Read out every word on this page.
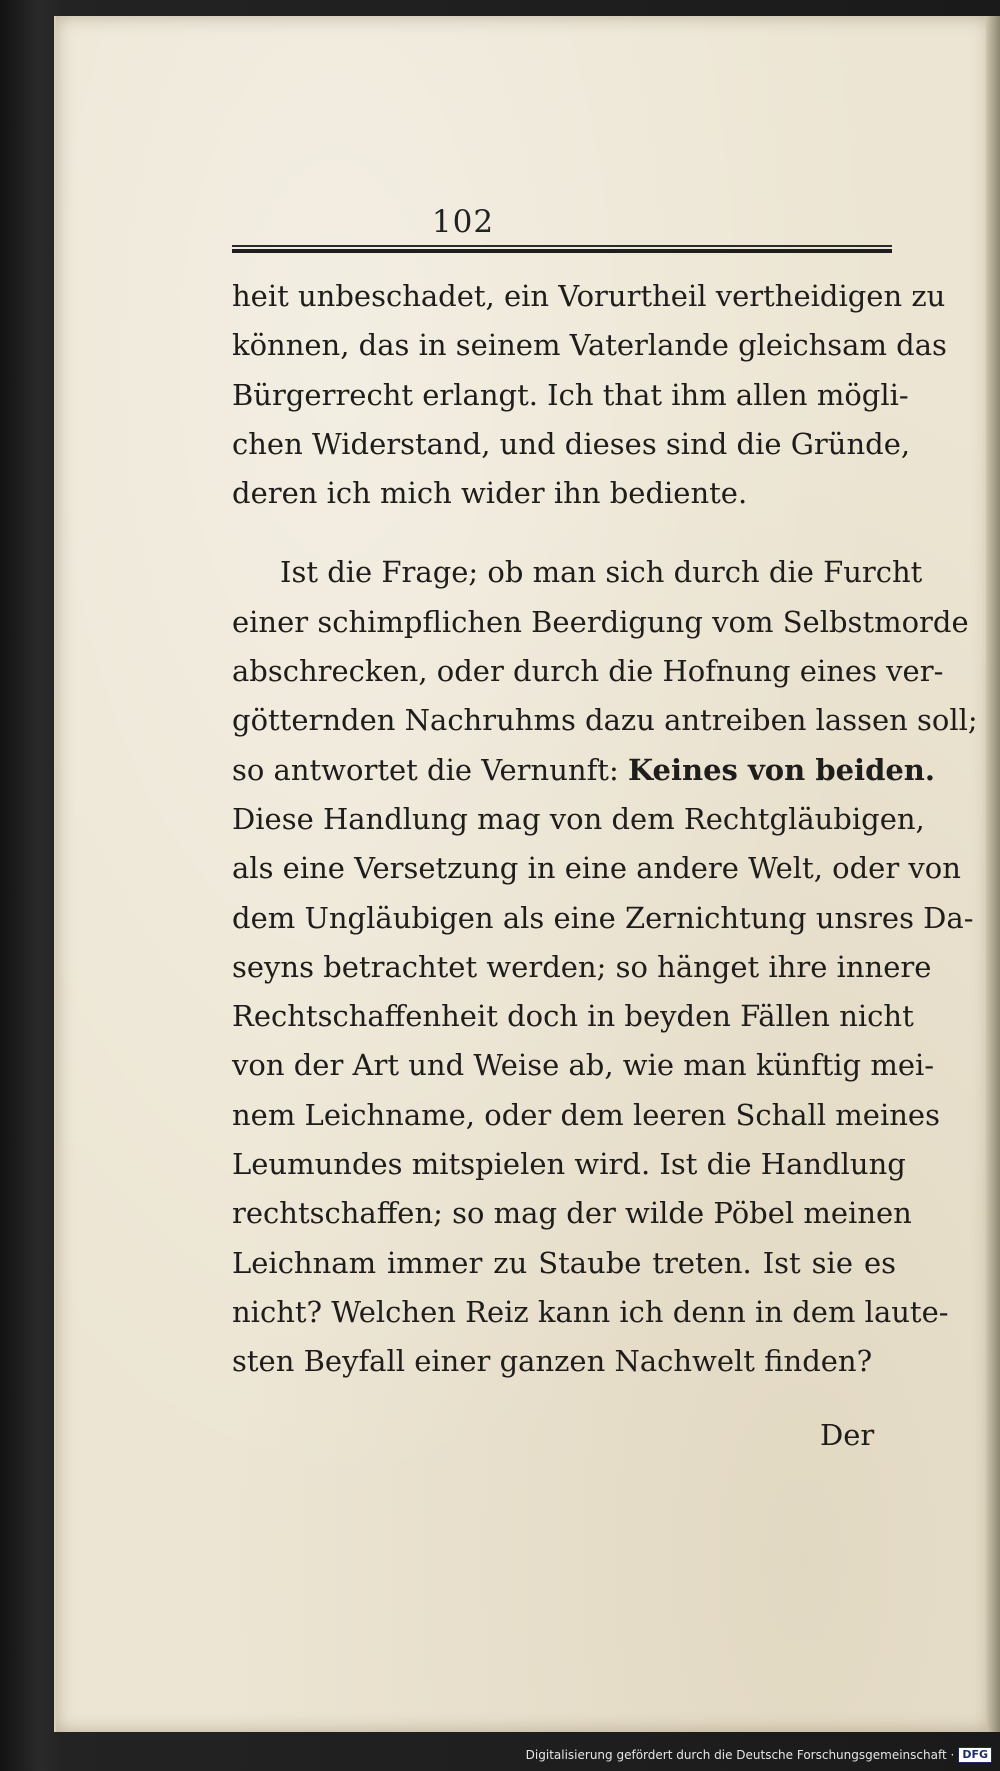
102
heit unbeschadet, ein Vorurtheil vertheidigen zu
können, das in seinem Vaterlande gleichsam das
Bürgerrecht erlangt. Ich that ihm allen mögli-
chen Widerstand, und dieses sind die Gründe,
deren ich mich wider ihn bediente.
Ist die Frage; ob man sich durch die Furcht
einer schimpflichen Beerdigung vom Selbstmorde
abschrecken, oder durch die Hofnung eines ver-
götternden Nachruhms dazu antreiben lassen soll;
so antwortet die Vernunft: Keines von beiden.
Diese Handlung mag von dem Rechtgläubigen,
als eine Versetzung in eine andere Welt, oder von
dem Ungläubigen als eine Zernichtung unsres Da-
seyns betrachtet werden; so hänget ihre innere
Rechtschaffenheit doch in beyden Fällen nicht
von der Art und Weise ab, wie man künftig mei-
nem Leichname, oder dem leeren Schall meines
Leumundes mitspielen wird. Ist die Handlung
rechtschaffen; so mag der wilde Pöbel meinen
Leichnam immer zu Staube treten. Ist sie es
nicht? Welchen Reiz kann ich denn in dem laute-
sten Beyfall einer ganzen Nachwelt finden?
Der
Digitalisierung gefördert durch die Deutsche Forschungsgemeinschaft · DFG
